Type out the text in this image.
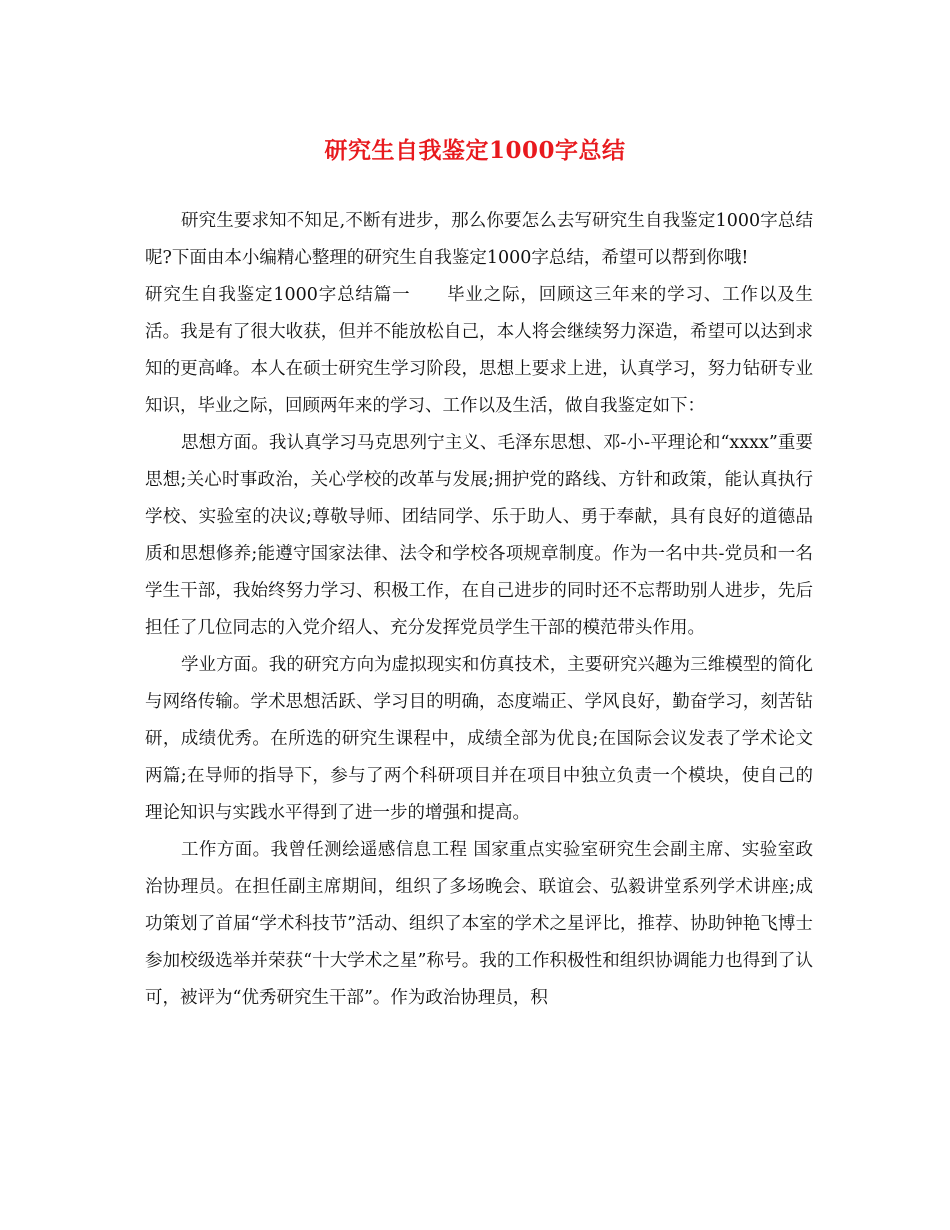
研究生自我鉴定1000字总结

研究生要求知不知足,不断有进步，那么你要怎么去写研究生自我鉴定1000字总结呢?下面由本小编精心整理的研究生自我鉴定1000字总结，希望可以帮到你哦!

研究生自我鉴定1000字总结篇一　　毕业之际，回顾这三年来的学习、工作以及生活。我是有了很大收获，但并不能放松自己，本人将会继续努力深造，希望可以达到求知的更高峰。本人在硕士研究生学习阶段，思想上要求上进，认真学习，努力钻研专业知识，毕业之际，回顾两年来的学习、工作以及生活，做自我鉴定如下：

思想方面。我认真学习马克思列宁主义、毛泽东思想、邓-小-平理论和“xxxx”重要思想;关心时事政治，关心学校的改革与发展;拥护党的路线、方针和政策，能认真执行学校、实验室的决议;尊敬导师、团结同学、乐于助人、勇于奉献，具有良好的道德品质和思想修养;能遵守国家法律、法令和学校各项规章制度。作为一名中共-党员和一名学生干部，我始终努力学习、积极工作，在自己进步的同时还不忘帮助别人进步，先后担任了几位同志的入党介绍人、充分发挥党员学生干部的模范带头作用。

学业方面。我的研究方向为虚拟现实和仿真技术，主要研究兴趣为三维模型的简化与网络传输。学术思想活跃、学习目的明确，态度端正、学风良好，勤奋学习，刻苦钻研，成绩优秀。在所选的研究生课程中，成绩全部为优良;在国际会议发表了学术论文两篇;在导师的指导下，参与了两个科研项目并在项目中独立负责一个模块，使自己的理论知识与实践水平得到了进一步的增强和提高。

工作方面。我曾任测绘遥感信息工程 国家重点实验室研究生会副主席、实验室政治协理员。在担任副主席期间，组织了多场晚会、联谊会、弘毅讲堂系列学术讲座;成功策划了首届“学术科技节”活动、组织了本室的学术之星评比，推荐、协助钟艳飞博士参加校级选举并荣获“十大学术之星”称号。我的工作积极性和组织协调能力也得到了认可，被评为“优秀研究生干部”。作为政治协理员，积
